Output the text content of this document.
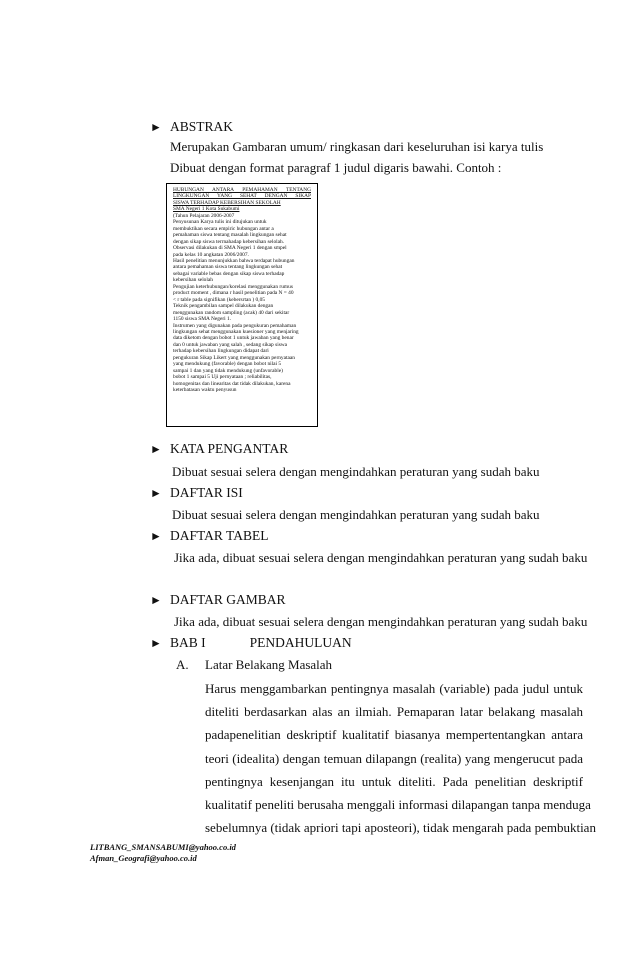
► ABSTRAK
Merupakan Gambaran umum/ ringkasan dari keseluruhan isi karya tulis
Dibuat dengan format paragraf 1 judul digaris bawahi. Contoh :
HUBUNGAN ANTARA PEMAHAMAN TENTANG
LINGKUNGAN YANG SEHAT DENGAN SIKAP
SISWA TERHADAP KEBERSIHAN SEKOLAH
SMA Negeri 1 Kota Sukabumi
(Tahun Pelajaran 2006-2007
Penyusunan Karya tulis ini ditujukan untuk
membuktikan secara empiric hubungan antar a
pemahaman siswa tentang masalah lingkungan sehat
dengan sikap siswa terrnahadap kebersihan selolah.
Observasi dilakukan di SMA Negeri 1 dengan smpel
pada kelas 10 angkatan 2006/2007.
Hasil penelitian menunjukkan bahwa terdapat hubungan
antara pemahaman siswa tentang lingkungan sehat
sebagai variable bebas dengan sikap siswa terhadap
kebersihan selolah
Pengujian keterhubungan/korelasi menggunakan rumus
product moment , dimana r hasil penelitian pada N = 40
< r table pada signifikan (kebersrtan ) 0,05
Teknik pengambilan sampel dilakukan dengan
menggunakan random sampling (acak) 40 dari sekitar
1150 siswa SMA Negeri 1.
Instrumen yang digunakan pada pengukuran pemahaman
lingkungan sehat menggunakan kuesioner yang menjaring
data diketom dengan bobot 1 untuk jawaban yang benar
dan 0 untuk jawaban yang salah , sedang sikap siswa
terhadap kebersihan lingkungan didapat dari
pengukuran Sikap Likert yang menggunakan pernyataan
yang mendukung (favorable) dengan bobot nilai 5
sampai 1 dan yang tidak mendukung (unfavorable)
bobot 1 sampai 5 Uji pernyataan ; reliabilitas,
homogenitas dan linearitas dat tidak dilakukan, karena
keterbatasan waktu penyusun
► KATA PENGANTAR
Dibuat sesuai selera dengan mengindahkan peraturan yang sudah baku
► DAFTAR ISI
Dibuat sesuai selera dengan mengindahkan peraturan yang sudah baku
► DAFTAR TABEL
Jika ada, dibuat sesuai selera dengan mengindahkan peraturan yang sudah baku
► DAFTAR GAMBAR
Jika ada, dibuat sesuai selera dengan mengindahkan peraturan yang sudah baku
► BAB I	PENDAHULUAN
A. Latar Belakang Masalah
Harus menggambarkan pentingnya masalah (variable) pada judul untuk
diteliti berdasarkan alas an ilmiah. Pemaparan latar belakang masalah
padapenelitian deskriptif kualitatif biasanya mempertentangkan antara
teori (idealita) dengan temuan dilapangn (realita) yang mengerucut pada
pentingnya kesenjangan itu untuk diteliti. Pada penelitian deskriptif
kualitatif peneliti berusaha menggali informasi dilapangan tanpa menduga
sebelumnya (tidak apriori tapi aposteori), tidak mengarah pada pembuktian
LITBANG_SMANSABUMI@yahoo.co.id
Afman_Geografi@yahoo.co.id
